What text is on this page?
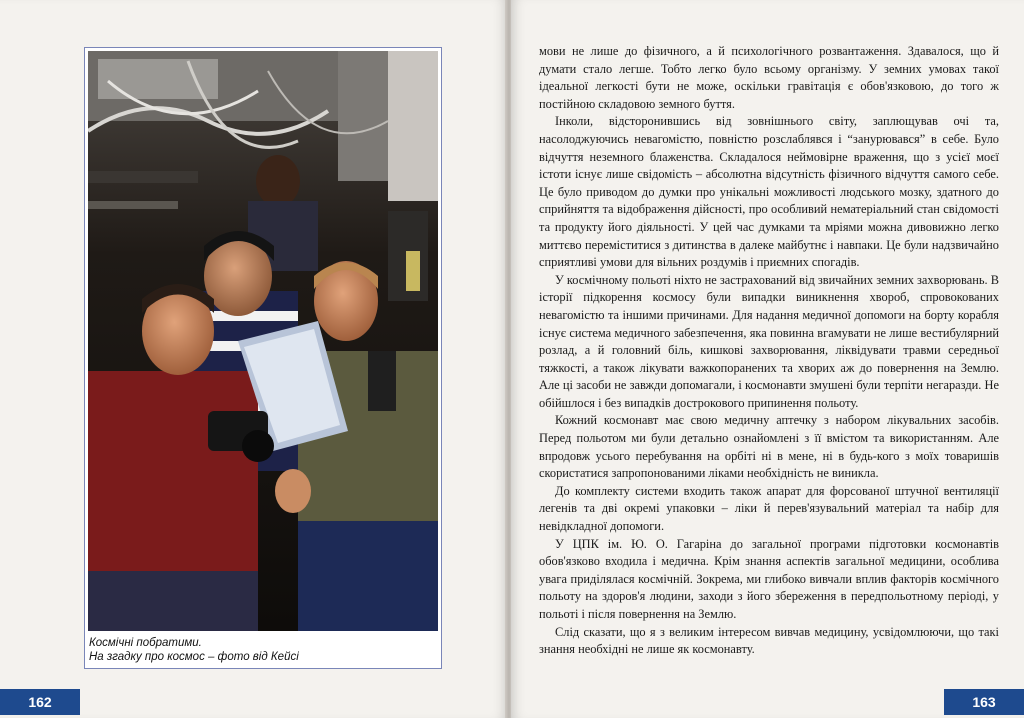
Космічні побратими.
На згадку про космос – фото від Кейсі
162

мови не лише до фізичного, а й психологічного розвантаження. Здавалося, що й думати стало легше. Тобто легко було всьому організму. У земних умовах такої ідеальної легкості бути не може, оскільки гравітація є обов'язковою, до того ж постійною складовою земного буття.

Інколи, відсторонившись від зовнішнього світу, заплющував очі та, насолоджуючись невагомістю, повністю розслаблявся і “занурювався” в себе. Було відчуття неземного блаженства. Складалося неймовірне враження, що з усієї моєї істоти існує лише свідомість – абсолютна відсутність фізичного відчуття самого себе. Це було приводом до думки про унікальні можливості людського мозку, здатного до сприйняття та відображення дійсності, про особливий нематеріальний стан свідомості та продукту його діяльності. У цей час думками та мріями можна дивовижно легко миттєво переміститися з дитинства в далеке майбутнє і навпаки. Це були надзвичайно сприятливі умови для вільних роздумів і приємних спогадів.

У космічному польоті ніхто не застрахований від звичайних земних захворювань. В історії підкорення космосу були випадки виникнення хвороб, спровокованих невагомістю та іншими причинами. Для надання медичної допомоги на борту корабля існує система медичного забезпечення, яка повинна вгамувати не лише вестибулярний розлад, а й головний біль, кишкові захворювання, ліквідувати травми середньої тяжкості, а також лікувати важкопоранених та хворих аж до повернення на Землю. Але ці засоби не завжди допомагали, і космонавти змушені були терпіти негаразди. Не обійшлося і без випадків дострокового припинення польоту.

Кожний космонавт має свою медичну аптечку з набором лікувальних засобів. Перед польотом ми були детально ознайомлені з її вмістом та використанням. Але впродовж усього перебування на орбіті ні в мене, ні в будь-кого з моїх товаришів скористатися запропонованими ліками необхідність не виникла.

До комплекту системи входить також апарат для форсованої штучної вентиляції легенів та дві окремі упаковки – ліки й перев'язувальний матеріал та набір для невідкладної допомоги.

У ЦПК ім. Ю. О. Гагаріна до загальної програми підготовки космонавтів обов'язково входила і медична. Крім знання аспектів загальної медицини, особлива увага приділялася космічній. Зокрема, ми глибоко вивчали вплив факторів космічного польоту на здоров'я людини, заходи з його збереження в передпольотному періоді, у польоті і після повернення на Землю.

Слід сказати, що я з великим інтересом вивчав медицину, усвідомлюючи, що такі знання необхідні не лише як космонавту.

163
